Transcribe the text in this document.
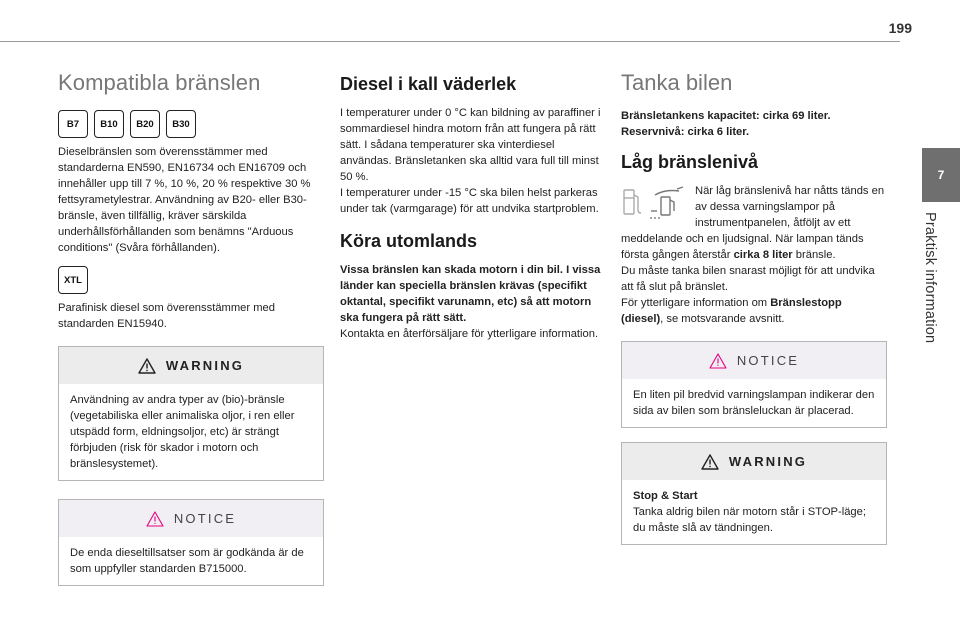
199
7
Praktisk information
Kompatibla bränslen
B7	B10	B20	B30

Dieselbränslen som överensstämmer med standarderna EN590, EN16734 och EN16709 och innehåller upp till 7 %, 10 %, 20 % respektive 30 % fettsyrametylestrar. Användning av B20- eller B30-bränsle, även tillfällig, kräver särskilda underhållsförhållanden som benämns "Arduous conditions" (Svåra förhållanden).

XTL

Parafinisk diesel som överensstämmer med standarden EN15940.

WARNING

Användning av andra typer av (bio)-bränsle (vegetabiliska eller animaliska oljor, i ren eller utspädd form, eldningsoljor, etc) är strängt förbjuden (risk för skador i motorn och bränslesystemet).

NOTICE

De enda dieseltillsatser som är godkända är de som uppfyller standarden B715000.

Diesel i kall väderlek

I temperaturer under 0 °C kan bildning av paraffiner i sommardiesel hindra motorn från att fungera på rätt sätt. I sådana temperaturer ska vinterdiesel användas. Bränsletanken ska alltid vara full till minst 50 %.

I temperaturer under -15 °C ska bilen helst parkeras under tak (varmgarage) för att undvika startproblem.

Köra utomlands

Vissa bränslen kan skada motorn i din bil. I vissa länder kan speciella bränslen krävas (specifikt oktantal, specifikt varunamn, etc) så att motorn ska fungera på rätt sätt.

Kontakta en återförsäljare för ytterligare information.

Tanka bilen

Bränsletankens kapacitet: cirka 69 liter.

Reservnivå: cirka 6 liter.

Låg bränslenivå

När låg bränslenivå har nåtts tänds en av dessa varningslampor på instrumentpanelen, åtföljt av ett meddelande och en ljudsignal. När lampan tänds första gången återstår cirka 8 liter bränsle.

Du måste tanka bilen snarast möjligt för att undvika att få slut på bränslet.

För ytterligare information om Bränslestopp (diesel), se motsvarande avsnitt.

NOTICE

En liten pil bredvid varningslampan indikerar den sida av bilen som bränsleluckan är placerad.

WARNING

Stop & Start

Tanka aldrig bilen när motorn står i STOP-läge; du måste slå av tändningen.
